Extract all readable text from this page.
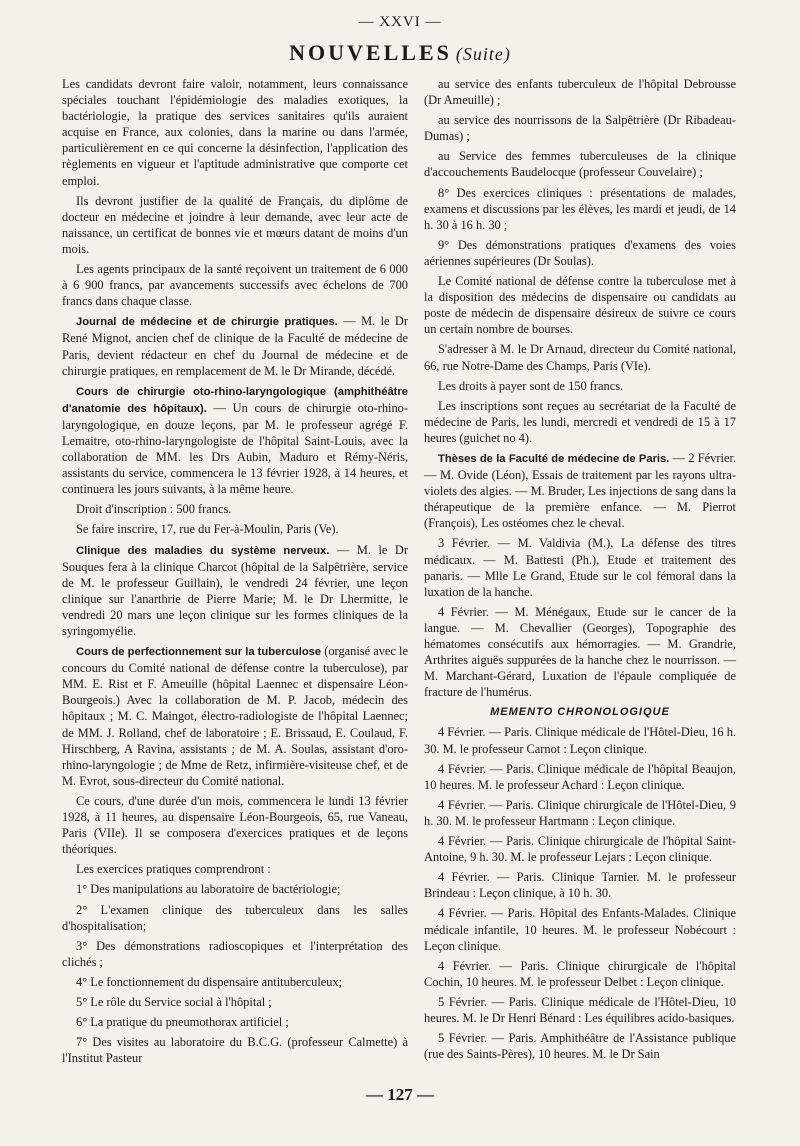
— XXVI —
NOUVELLES (Suite)

Les candidats devront faire valoir, notamment, leurs connaissance spéciales touchant l'épidémiologie des maladies exotiques, la bactériologie, la pratique des services sanitaires qu'ils auraient acquise en France, aux colonies, dans la marine ou dans l'armée, particulièrement en ce qui concerne la désinfection, l'application des règlements en vigueur et l'aptitude administrative que comporte cet emploi.

Ils devront justifier de la qualité de Français, du diplôme de docteur en médecine et joindre à leur demande, avec leur acte de naissance, un certificat de bonnes vie et mœurs datant de moins d'un mois.

Les agents principaux de la santé reçoivent un traitement de 6 000 à 6 900 francs, par avancements successifs avec échelons de 700 francs dans chaque classe.

Journal de médecine et de chirurgie pratiques. — M. le Dr René Mignot, ancien chef de clinique de la Faculté de médecine de Paris, devient rédacteur en chef du Journal de médecine et de chirurgie pratiques, en remplacement de M. le Dr Mirande, décédé.

Cours de chirurgie oto-rhino-laryngologique (amphithéâtre d'anatomie des hôpitaux). — Un cours de chirurgie oto-rhino-laryngologique, en douze leçons, par M. le professeur agrégé F. Lemaitre, oto-rhino-laryngologiste de l'hôpital Saint-Louis, avec la collaboration de MM. les Drs Aubin, Maduro et Rémy-Néris, assistants du service, commencera le 13 février 1928, à 14 heures, et continuera les jours suivants, à la même heure.

Droit d'inscription : 500 francs.

Se faire inscrire, 17, rue du Fer-à-Moulin, Paris (Ve).

Clinique des maladies du système nerveux. — M. le Dr Souques fera à la clinique Charcot (hôpital de la Salpêtrière, service de M. le professeur Guillain), le vendredi 24 février, une leçon clinique sur l'anarthrie de Pierre Marie; M. le Dr Lhermitte, le vendredi 20 mars une leçon clinique sur les formes cliniques de la syringomyélie.

Cours de perfectionnement sur la tuberculose (organisé avec le concours du Comité national de défense contre la tuberculose), par MM. E. Rist et F. Ameuille (hôpital Laennec et dispensaire Léon-Bourgeois.) Avec la collaboration de M. P. Jacob, médecin des hôpitaux ; M. C. Maingot, électro-radiologiste de l'hôpital Laennec; de MM. J. Rolland, chef de laboratoire ; E. Brissaud, E. Coulaud, F. Hirschberg, A Ravina, assistants ; de M. A. Soulas, assistant d'oro-rhino-laryngologie ; de Mme de Retz, infirmière-visiteuse chef, et de M. Evrot, sous-directeur du Comité national.

Ce cours, d'une durée d'un mois, commencera le lundi 13 février 1928, à 11 heures, au dispensaire Léon-Bourgeois, 65, rue Vaneau, Paris (VIIe). Il se composera d'exercices pratiques et de leçons théoriques.

Les exercices pratiques comprendront :

1° Des manipulations au laboratoire de bactériologie;

2° L'examen clinique des tuberculeux dans les salles d'hospitalisation;

3° Des démonstrations radioscopiques et l'interprétation des clichés ;

4° Le fonctionnement du dispensaire antituberculeux;

5° Le rôle du Service social à l'hôpital ;

6° La pratique du pneumothorax artificiel ;

7° Des visites au laboratoire du B.C.G. (professeur Calmette) à l'Institut Pasteur

au service des enfants tuberculeux de l'hôpital Debrousse (Dr Ameuille) ;

au service des nourrissons de la Salpêtrière (Dr Ribadeau-Dumas) ;

au Service des femmes tuberculeuses de la clinique d'accouchements Baudelocque (professeur Couvelaire) ;

8° Des exercices cliniques : présentations de malades, examens et discussions par les élèves, les mardi et jeudi, de 14 h. 30 à 16 h. 30 ;

9° Des démonstrations pratiques d'examens des voies aériennes supérieures (Dr Soulas).

Le Comité national de défense contre la tuberculose met à la disposition des médecins de dispensaire ou candidats au poste de médecin de dispensaire désireux de suivre ce cours un certain nombre de bourses.

S'adresser à M. le Dr Arnaud, directeur du Comité national, 66, rue Notre-Dame des Champs, Paris (VIe).

Les droits à payer sont de 150 francs.

Les inscriptions sont reçues au secrétariat de la Faculté de médecine de Paris, les lundi, mercredi et vendredi de 15 à 17 heures (guichet no 4).

Thèses de la Faculté de médecine de Paris. — 2 Février. — M. Ovide (Léon), Essais de traitement par les rayons ultra-violets des algies. — M. Bruder, Les injections de sang dans la thérapeutique de la première enfance. — M. Pierrot (François), Les ostéomes chez le cheval.

3 Février. — M. Valdivia (M.), La défense des titres médicaux. — M. Battesti (Ph.), Etude et traitement des panaris. — Mlle Le Grand, Etude sur le col fémoral dans la luxation de la hanche.

4 Février. — M. Ménégaux, Etude sur le cancer de la langue. — M. Chevallier (Georges), Topographie des hématomes consécutifs aux hémorragies. — M. Grandrie, Arthrites aiguës suppurées de la hanche chez le nourrisson. — M. Marchant-Gérard, Luxation de l'épaule compliquée de fracture de l'humérus.

MEMENTO CHRONOLOGIQUE

4 Février. — Paris. Clinique médicale de l'Hôtel-Dieu, 16 h. 30. M. le professeur Carnot : Leçon clinique.

4 Février. — Paris. Clinique médicale de l'hôpital Beaujon, 10 heures. M. le professeur Achard : Leçon clinique.

4 Février. — Paris. Clinique chirurgicale de l'Hôtel-Dieu, 9 h. 30. M. le professeur Hartmann : Leçon clinique.

4 Février. — Paris. Clinique chirurgicale de l'hôpital Saint-Antoine, 9 h. 30. M. le professeur Lejars : Leçon clinique.

4 Février. — Paris. Clinique Tarnier. M. le professeur Brindeau : Leçon clinique, à 10 h. 30.

4 Février. — Paris. Hôpital des Enfants-Malades. Clinique médicale infantile, 10 heures. M. le professeur Nobécourt : Leçon clinique.

4 Février. — Paris. Clinique chirurgicale de l'hôpital Cochin, 10 heures. M. le professeur Delbet : Leçon clinique.

5 Février. — Paris. Clinique médicale de l'Hôtel-Dieu, 10 heures. M. le Dr Henri Bénard : Les équilibres acido-basiques.

5 Février. — Paris. Amphithéâtre de l'Assistance publique (rue des Saints-Pères), 10 heures. M. le Dr Sain

— 127 —
